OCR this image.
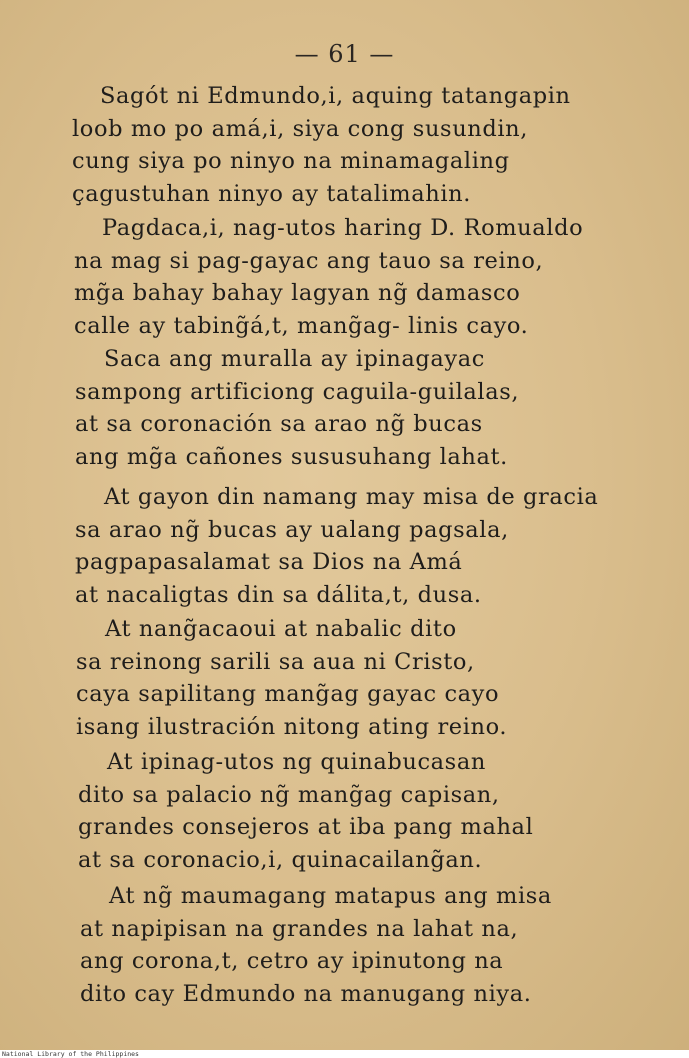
— 61 —
Sagót ni Edmundo,i, aquing tatangapin
loob mo po amá,i, siya cong susundin,
cung siya po ninyo na minamagaling
çagustuhan ninyo ay tatalimahin.
Pagdaca,i, nag-utos haring D. Romualdo
na mag si pag-gayac ang tauo sa reino,
mg̃a bahay bahay lagyan ng̃ damasco
calle ay tabing̃á,t, mang̃ag- linis cayo.
Saca ang muralla ay ipinagayac
sampong artificiong caguila-guilalas,
at sa coronación sa arao ng̃ bucas
ang mg̃a cañones sususuhang lahat.
At gayon din namang may misa de gracia
sa arao ng̃ bucas ay ualang pagsala,
pagpapasalamat sa Dios na Amá
at nacaligtas din sa dálita,t, dusa.
At nang̃acaoui at nabalic dito
sa reinong sarili sa aua ni Cristo,
caya sapilitang mang̃ag gayac cayo
isang ilustración nitong ating reino.
At ipinag-utos ng quinabucasan
dito sa palacio ng̃ mang̃ag capisan,
grandes consejeros at iba pang mahal
at sa coronacio,i, quinacailang̃an.
At ng̃ maumagang matapus ang misa
at napipisan na grandes na lahat na,
ang corona,t, cetro ay ipinutong na
dito cay Edmundo na manugang niya.
National Library of the Philippines
